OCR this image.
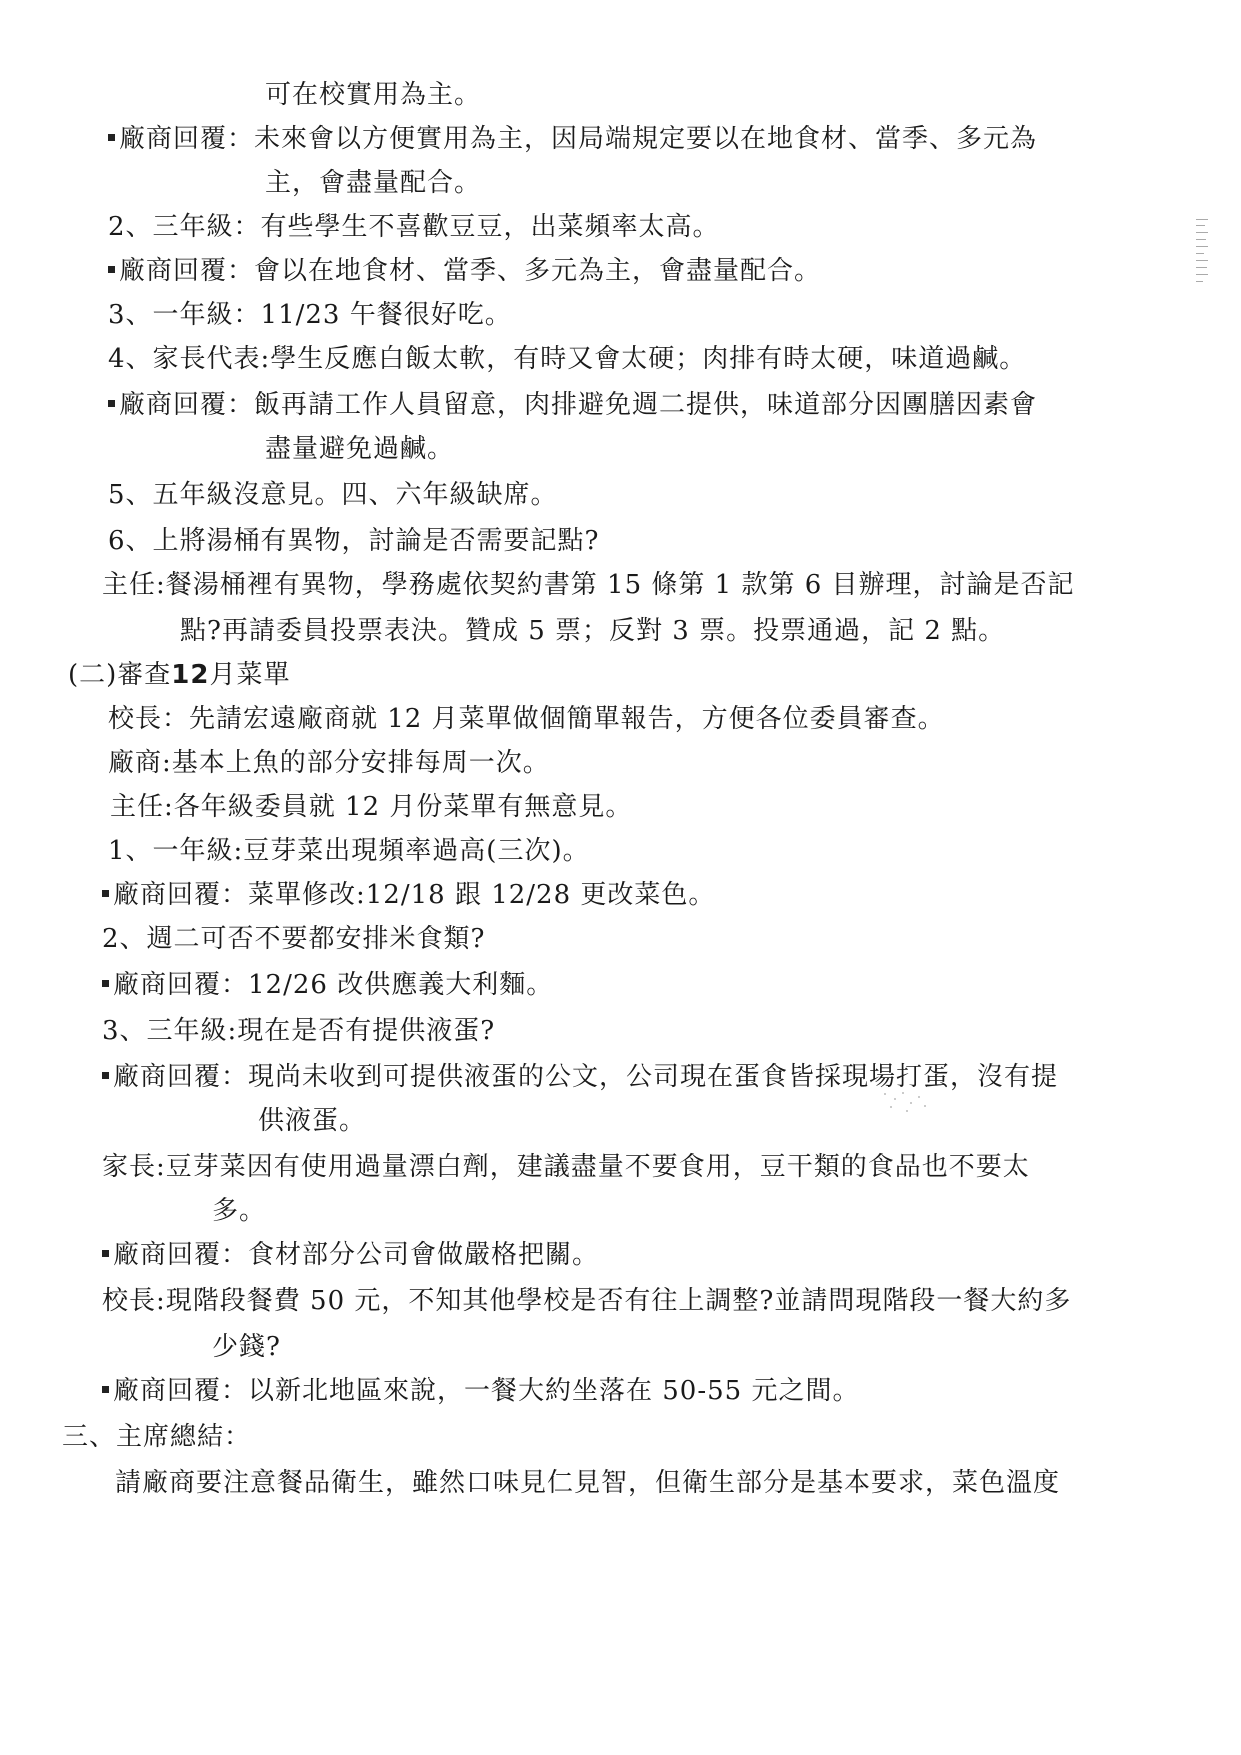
可在校實用為主。
廠商回覆：未來會以方便實用為主，因局端規定要以在地食材、當季、多元為
主，會盡量配合。
2、三年級：有些學生不喜歡豆豆，出菜頻率太高。
廠商回覆：會以在地食材、當季、多元為主，會盡量配合。
3、一年級：11/23 午餐很好吃。
4、家長代表:學生反應白飯太軟，有時又會太硬；肉排有時太硬，味道過鹹。
廠商回覆：飯再請工作人員留意，肉排避免週二提供，味道部分因團膳因素會
盡量避免過鹹。
5、五年級沒意見。四、六年級缺席。
6、上將湯桶有異物，討論是否需要記點?
主任:餐湯桶裡有異物，學務處依契約書第 15 條第 1 款第 6 目辦理，討論是否記
點?再請委員投票表決。贊成 5 票；反對 3 票。投票通過，記 2 點。
(二)審查12月菜單
校長：先請宏遠廠商就 12 月菜單做個簡單報告，方便各位委員審查。
廠商:基本上魚的部分安排每周一次。
主任:各年級委員就 12 月份菜單有無意見。
1、一年級:豆芽菜出現頻率過高(三次)。
廠商回覆：菜單修改:12/18 跟 12/28 更改菜色。
2、週二可否不要都安排米食類?
廠商回覆：12/26 改供應義大利麵。
3、三年級:現在是否有提供液蛋?
廠商回覆：現尚未收到可提供液蛋的公文，公司現在蛋食皆採現場打蛋，沒有提
供液蛋。
家長:豆芽菜因有使用過量漂白劑，建議盡量不要食用，豆干類的食品也不要太
多。
廠商回覆：食材部分公司會做嚴格把關。
校長:現階段餐費 50 元，不知其他學校是否有往上調整?並請問現階段一餐大約多
少錢?
廠商回覆：以新北地區來說，一餐大約坐落在 50-55 元之間。
三、主席總結：
請廠商要注意餐品衛生，雖然口味見仁見智，但衛生部分是基本要求，菜色溫度
